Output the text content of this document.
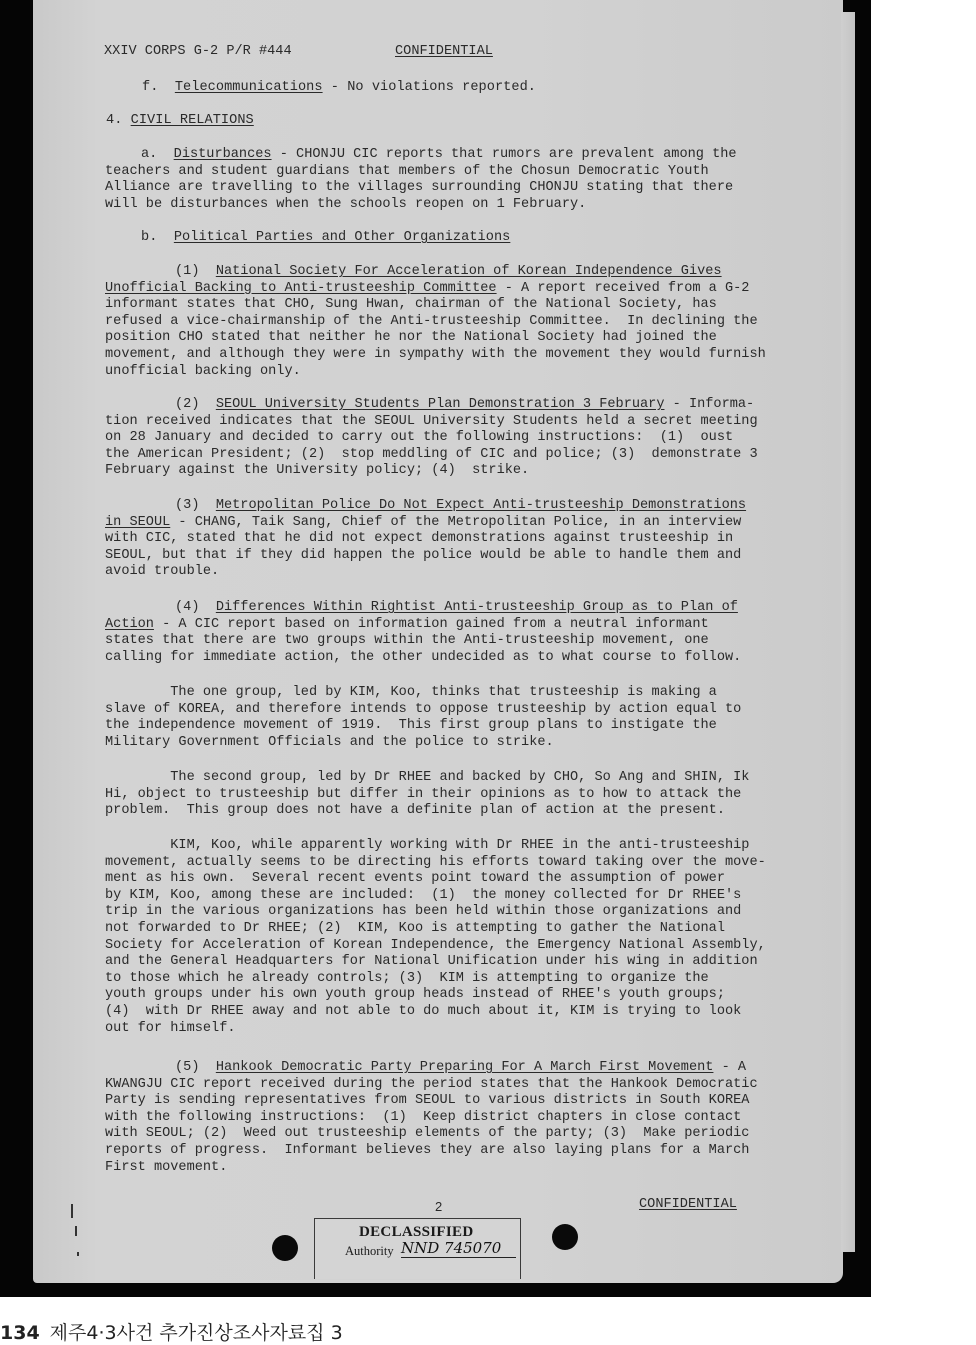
XXIV CORPS G-2 P/R #444	CONFIDENTIAL
f. Telecommunications - No violations reported.
4. CIVIL RELATIONS

a. Disturbances - CHONJU CIC reports that rumors are prevalent among the

teachers and student guardians that members of the Chosun Democratic Youth

Alliance are travelling to the villages surrounding CHONJU stating that there

will be disturbances when the schools reopen on 1 February.

b. Political Parties and Other Organizations

(1) National Society For Acceleration of Korean Independence Gives

Unofficial Backing to Anti-trusteeship Committee - A report received from a G-2

informant states that CHO, Sung Hwan, chairman of the National Society, has

refused a vice-chairmanship of the Anti-trusteeship Committee.  In declining the

position CHO stated that neither he nor the National Society had joined the

movement, and although they were in sympathy with the movement they would furnish

unofficial backing only.

(2) SEOUL University Students Plan Demonstration 3 February - Informa-

tion received indicates that the SEOUL University Students held a secret meeting

on 28 January and decided to carry out the following instructions:  (1)  oust

the American President; (2)  stop meddling of CIC and police; (3)  demonstrate 3

February against the University policy; (4)  strike.

(3) Metropolitan Police Do Not Expect Anti-trusteeship Demonstrations

in SEOUL - CHANG, Taik Sang, Chief of the Metropolitan Police, in an interview

with CIC, stated that he did not expect demonstrations against trusteeship in

SEOUL, but that if they did happen the police would be able to handle them and

avoid trouble.

(4) Differences Within Rightist Anti-trusteeship Group as to Plan of

Action - A CIC report based on information gained from a neutral informant

states that there are two groups within the Anti-trusteeship movement, one

calling for immediate action, the other undecided as to what course to follow.

The one group, led by KIM, Koo, thinks that trusteeship is making a

slave of KOREA, and therefore intends to oppose trusteeship by action equal to

the independence movement of 1919.  This first group plans to instigate the

Military Government Officials and the police to strike.

The second group, led by Dr RHEE and backed by CHO, So Ang and SHIN, Ik

Hi, object to trusteeship but differ in their opinions as to how to attack the

problem.  This group does not have a definite plan of action at the present.

KIM, Koo, while apparently working with Dr RHEE in the anti-trusteeship

movement, actually seems to be directing his efforts toward taking over the move-

ment as his own.  Several recent events point toward the assumption of power

by KIM, Koo, among these are included:  (1)  the money collected for Dr RHEE's

trip in the various organizations has been held within those organizations and

not forwarded to Dr RHEE; (2)  KIM, Koo is attempting to gather the National

Society for Acceleration of Korean Independence, the Emergency National Assembly,

and the General Headquarters for National Unification under his wing in addition

to those which he already controls; (3)  KIM is attempting to organize the

youth groups under his own youth group heads instead of RHEE's youth groups;

(4)  with Dr RHEE away and not able to do much about it, KIM is trying to look

out for himself.

(5) Hankook Democratic Party Preparing For A March First Movement - A

KWANGJU CIC report received during the period states that the Hankook Democratic

Party is sending representatives from SEOUL to various districts in South KOREA

with the following instructions:  (1)  Keep district chapters in close contact

with SEOUL; (2)  Weed out trusteeship elements of the party; (3)  Make periodic

reports of progress.  Informant believes they are also laying plans for a March

First movement.

2	CONFIDENTIAL
DECLASSIFIED
Authority NND 745070
134 제주4·3사건 추가진상조사자료집 3
